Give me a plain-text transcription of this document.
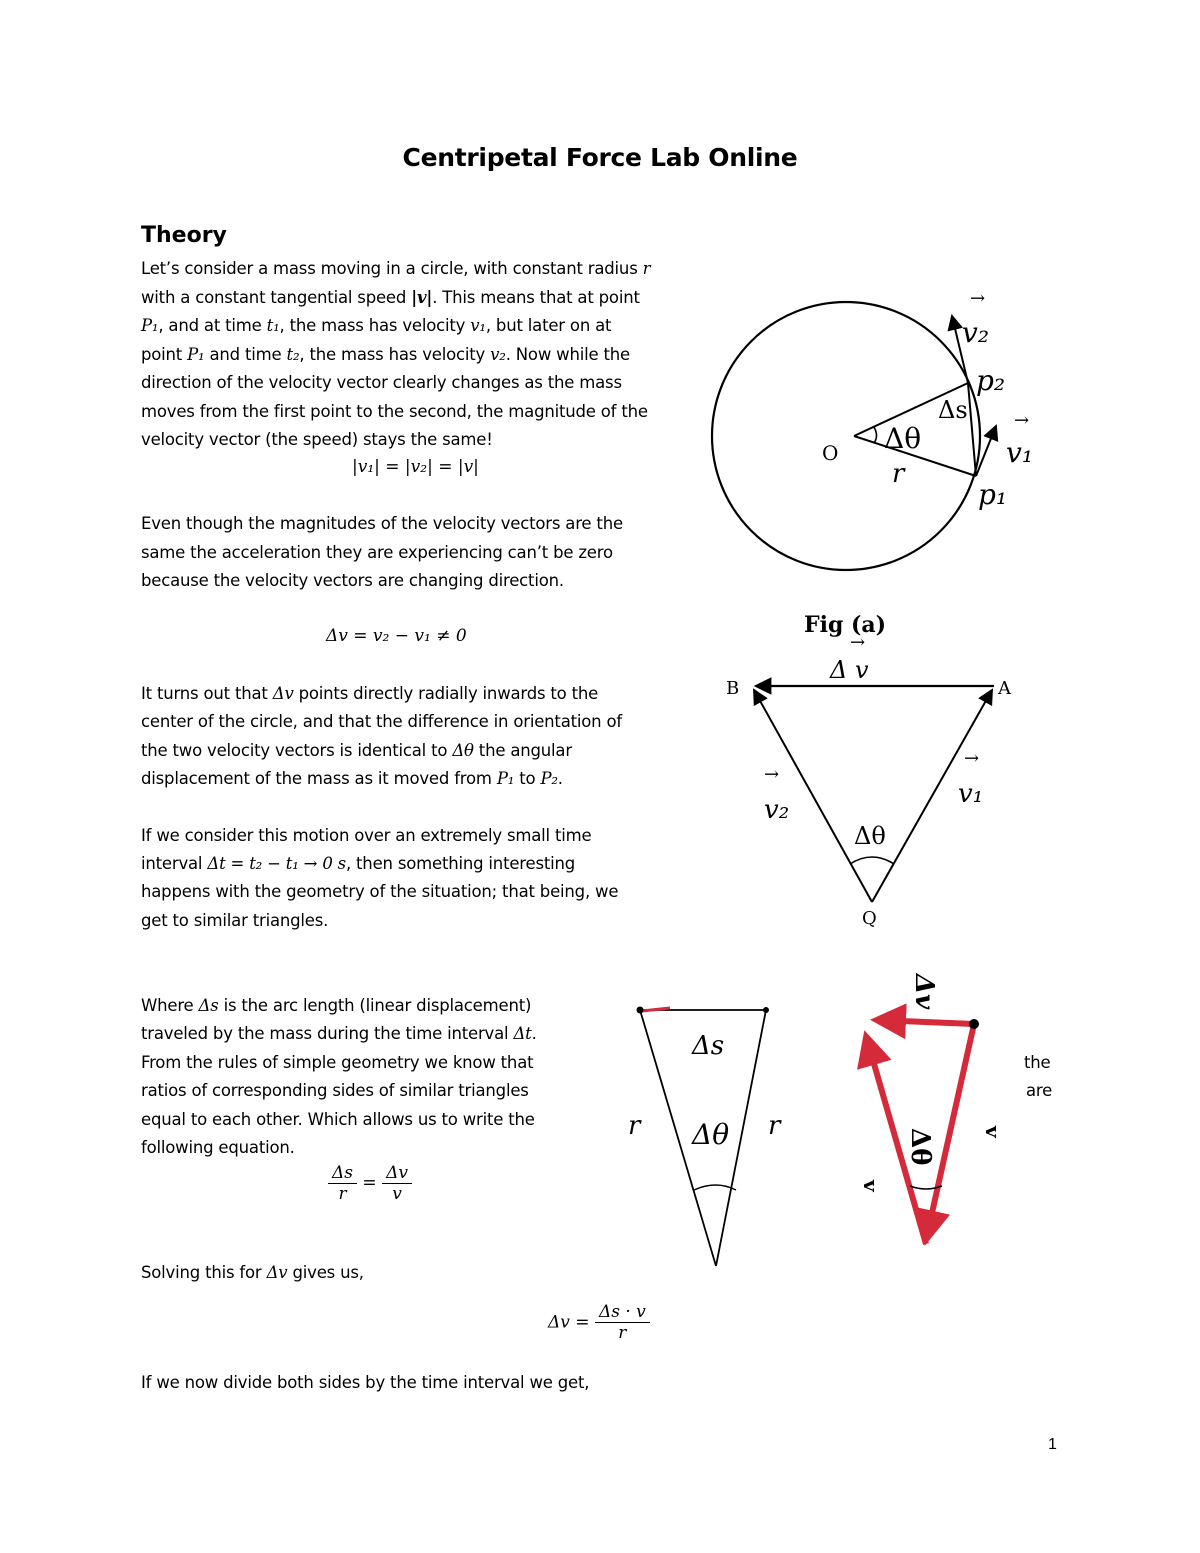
Centripetal Force Lab Online
Theory
Let’s consider a mass moving in a circle, with constant radius r
with a constant tangential speed |v|. This means that at point
P₁, and at time t₁, the mass has velocity v₁, but later on at
point P₁ and time t₂, the mass has velocity v₂. Now while the
direction of the velocity vector clearly changes as the mass
moves from the first point to the second, the magnitude of the
velocity vector (the speed) stays the same!
|v₁| = |v₂| = |v|
Even though the magnitudes of the velocity vectors are the
same the acceleration they are experiencing can’t be zero
because the velocity vectors are changing direction.
Δv = v₂ − v₁ ≠ 0
It turns out that Δv points directly radially inwards to the
center of the circle, and that the difference in orientation of
the two velocity vectors is identical to Δθ the angular
displacement of the mass as it moved from P₁ to P₂.
If we consider this motion over an extremely small time
interval Δt = t₂ − t₁ → 0 s, then something interesting
happens with the geometry of the situation; that being, we
get to similar triangles.
Where Δs is the arc length (linear displacement)
traveled by the mass during the time interval Δt.
From the rules of simple geometry we know that	the
ratios of corresponding sides of similar triangles	are
equal to each other. Which allows us to write the
following equation.
$\frac{\Delta s}{r} = \frac{\Delta v}{v}$
Solving this for Δv gives us,
$\Delta v = \frac{\Delta s \cdot v}{r}$
If we now divide both sides by the time interval we get,
1
v₂
→
p₂
Δs
Δθ	v₁
→
O
r
p₁
Fig (a)
Δ v
→
B	A
v₂
→
v₁
→
Δθ
Q
Δs
r Δθ r
Δv
Δθ
v
v
